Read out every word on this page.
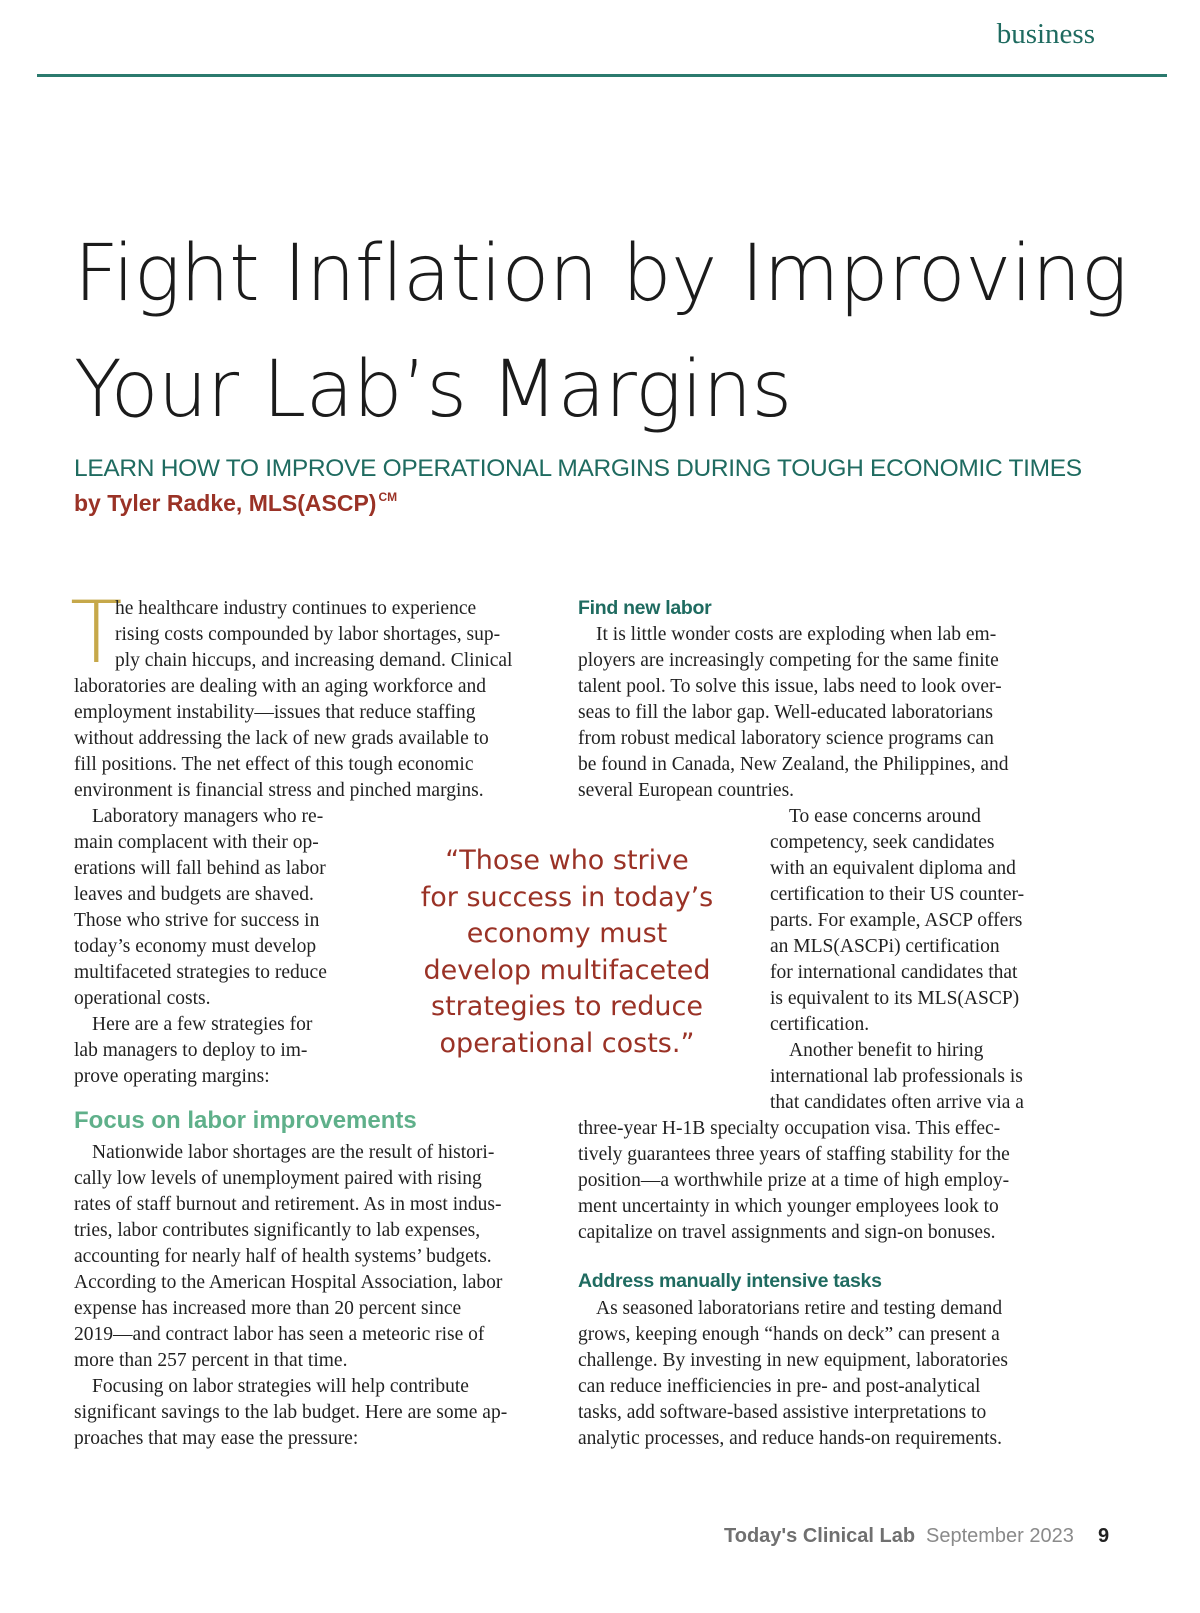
business
Fight Inflation by Improving
Your Lab’s Margins
LEARN HOW TO IMPROVE OPERATIONAL MARGINS DURING TOUGH ECONOMIC TIMES
by Tyler Radke, MLS(ASCP) $^{CM}$
T
he healthcare industry continues to experience
rising costs compounded by labor shortages, sup-
ply chain hiccups, and increasing demand. Clinical
laboratories are dealing with an aging workforce and
employment instability—issues that reduce staffing
without addressing the lack of new grads available to
fill positions. The net effect of this tough economic
environment is financial stress and pinched margins.
Laboratory managers who re-
main complacent with their op-
erations will fall behind as labor
leaves and budgets are shaved.
Those who strive for success in
today’s economy must develop
multifaceted strategies to reduce
operational costs.
Here are a few strategies for
lab managers to deploy to im-
prove operating margins:
“Those who strive
for success in today’s
economy must
develop multifaceted
strategies to reduce
operational costs.”
Focus on labor improvements
Nationwide labor shortages are the result of histori-
cally low levels of unemployment paired with rising
rates of staff burnout and retirement. As in most indus-
tries, labor contributes significantly to lab expenses,
accounting for nearly half of health systems’ budgets.
According to the American Hospital Association, labor
expense has increased more than 20 percent since
2019—and contract labor has seen a meteoric rise of
more than 257 percent in that time.
Focusing on labor strategies will help contribute
significant savings to the lab budget. Here are some ap-
proaches that may ease the pressure:
Find new labor
It is little wonder costs are exploding when lab em-
ployers are increasingly competing for the same finite
talent pool. To solve this issue, labs need to look over-
seas to fill the labor gap. Well-educated laboratorians
from robust medical laboratory science programs can
be found in Canada, New Zealand, the Philippines, and
several European countries.
To ease concerns around
competency, seek candidates
with an equivalent diploma and
certification to their US counter-
parts. For example, ASCP offers
an MLS(ASCPi) certification
for international candidates that
is equivalent to its MLS(ASCP)
certification.
Another benefit to hiring
international lab professionals is
that candidates often arrive via a
three-year H-1B specialty occupation visa. This effec-
tively guarantees three years of staffing stability for the
position—a worthwhile prize at a time of high employ-
ment uncertainty in which younger employees look to
capitalize on travel assignments and sign-on bonuses.
Address manually intensive tasks
As seasoned laboratorians retire and testing demand
grows, keeping enough “hands on deck” can present a
challenge. By investing in new equipment, laboratories
can reduce inefficiencies in pre- and post-analytical
tasks, add software-based assistive interpretations to
analytic processes, and reduce hands-on requirements.
Today's Clinical Lab September 2023 9
